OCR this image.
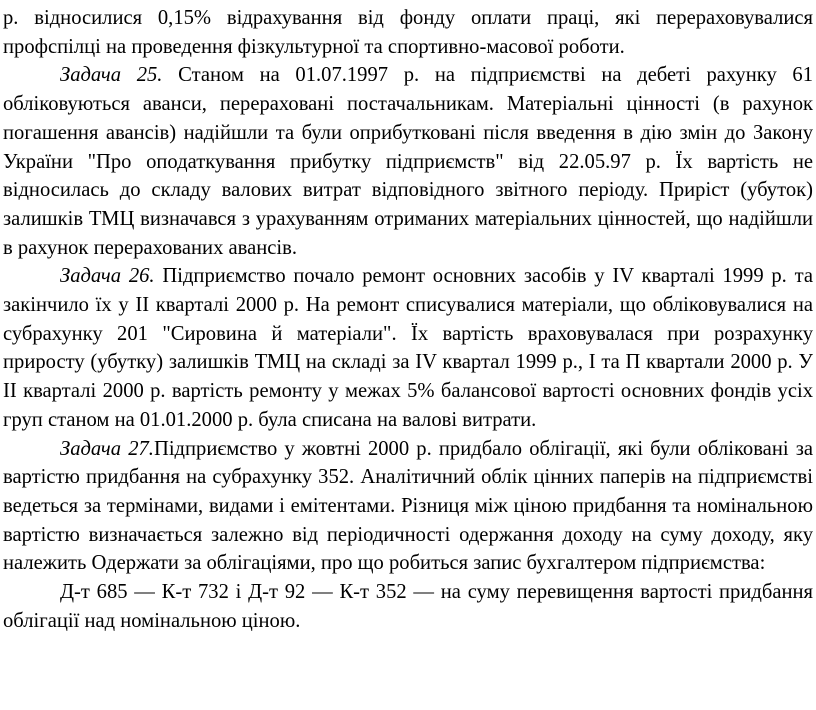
р. відносилися 0,15% відрахування від фонду оплати праці, які перераховувалися профспілці на проведення фізкультурної та спортивно-масової роботи.

Задача 25. Станом на 01.07.1997 р. на підприємстві на дебеті рахунку 61 обліковуються аванси, перераховані постачальникам. Матеріальні цінності (в рахунок погашення авансів) надійшли та були оприбутковані після введення в дію змін до Закону України "Про оподаткування прибутку підприємств" від 22.05.97 р. Їх вартість не відносилась до складу валових витрат відповідного звітного періоду. Приріст (убуток) залишків ТМЦ визначався з урахуванням отриманих матеріальних цінностей, що надійшли в рахунок перерахованих авансів.

Задача 26. Підприємство почало ремонт основних засобів у IV кварталі 1999 р. та закінчило їх у II кварталі 2000 р. На ремонт списувалися матеріали, що обліковувалися на субрахунку 201 "Сировина й матеріали". Їх вартість враховувалася при розрахунку приросту (убутку) залишків ТМЦ на складі за IV квартал 1999 р., І та П квартали 2000 р. У II кварталі 2000 р. вартість ремонту у межах 5% балансової вартості основних фондів усіх груп станом на 01.01.2000 р. була списана на валові витрати.

Задача 27.Підприємство у жовтні 2000 р. придбало облігації, які були обліковані за вартістю придбання на субрахунку 352. Аналітичний облік цінних паперів на підприємстві ведеться за термінами, видами і емітентами. Різниця між ціною придбання та номінальною вартістю визначається залежно від періодичності одержання доходу на суму доходу, яку належить Одержати за облігаціями, про що робиться запис бухгалтером підприємства:

Д-т 685 — К-т 732 і Д-т 92 — К-т 352 — на суму перевищення вартості придбання облігації над номінальною ціною.
